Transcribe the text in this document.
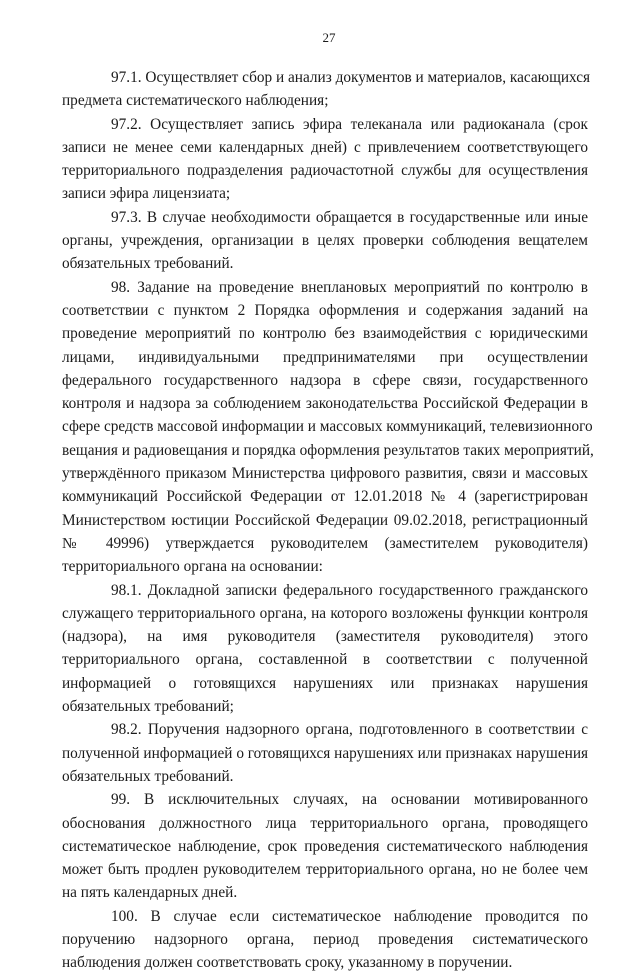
27
97.1. Осуществляет сбор и анализ документов и материалов, касающихся
предмета систематического наблюдения;
97.2. Осуществляет запись эфира телеканала или радиоканала (срок
записи не менее семи календарных дней) с привлечением соответствующего
территориального подразделения радиочастотной службы для осуществления
записи эфира лицензиата;
97.3. В случае необходимости обращается в государственные или иные
органы, учреждения, организации в целях проверки соблюдения вещателем
обязательных требований.
98. Задание на проведение внеплановых мероприятий по контролю в
соответствии с пунктом 2 Порядка оформления и содержания заданий на
проведение мероприятий по контролю без взаимодействия с юридическими
лицами, индивидуальными предпринимателями при осуществлении
федерального государственного надзора в сфере связи, государственного
контроля и надзора за соблюдением законодательства Российской Федерации в
сфере средств массовой информации и массовых коммуникаций, телевизионного
вещания и радиовещания и порядка оформления результатов таких мероприятий,
утверждённого приказом Министерства цифрового развития, связи и массовых
коммуникаций Российской Федерации от 12.01.2018 № 4 (зарегистрирован
Министерством юстиции Российской Федерации 09.02.2018, регистрационный
№ 49996) утверждается руководителем (заместителем руководителя)
территориального органа на основании:
98.1. Докладной записки федерального государственного гражданского
служащего территориального органа, на которого возложены функции контроля
(надзора), на имя руководителя (заместителя руководителя) этого
территориального органа, составленной в соответствии с полученной
информацией о готовящихся нарушениях или признаках нарушения
обязательных требований;
98.2. Поручения надзорного органа, подготовленного в соответствии с
полученной информацией о готовящихся нарушениях или признаках нарушения
обязательных требований.
99. В исключительных случаях, на основании мотивированного
обоснования должностного лица территориального органа, проводящего
систематическое наблюдение, срок проведения систематического наблюдения
может быть продлен руководителем территориального органа, но не более чем
на пять календарных дней.
100. В случае если систематическое наблюдение проводится по
поручению надзорного органа, период проведения систематического
наблюдения должен соответствовать сроку, указанному в поручении.
